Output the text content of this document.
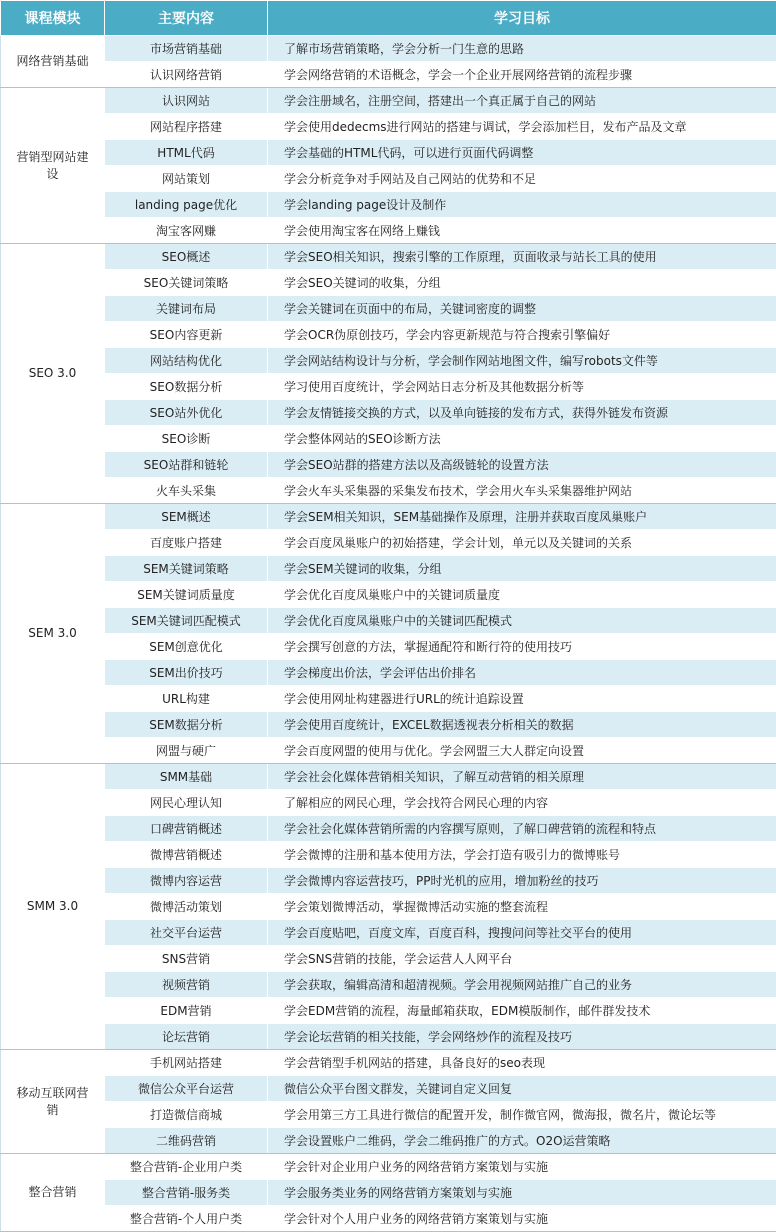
课程模块	主要内容	学习目标
网络营销基础	市场营销基础	了解市场营销策略，学会分析一门生意的思路
	认识网络营销	学会网络营销的术语概念，学会一个企业开展网络营销的流程步骤
营销型网站建设	认识网站	学会注册域名，注册空间，搭建出一个真正属于自己的网站
	网站程序搭建	学会使用dedecms进行网站的搭建与调试，学会添加栏目，发布产品及文章
	HTML代码	学会基础的HTML代码，可以进行页面代码调整
	网站策划	学会分析竞争对手网站及自己网站的优势和不足
	landing page优化	学会landing page设计及制作
	淘宝客网赚	学会使用淘宝客在网络上赚钱
SEO 3.0	SEO概述	学会SEO相关知识，搜索引擎的工作原理，页面收录与站长工具的使用
	SEO关键词策略	学会SEO关键词的收集，分组
	关键词布局	学会关键词在页面中的布局，关键词密度的调整
	SEO内容更新	学会OCR伪原创技巧，学会内容更新规范与符合搜索引擎偏好
	网站结构优化	学会网站结构设计与分析，学会制作网站地图文件，编写robots文件等
	SEO数据分析	学习使用百度统计，学会网站日志分析及其他数据分析等
	SEO站外优化	学会友情链接交换的方式，以及单向链接的发布方式，获得外链发布资源
	SEO诊断	学会整体网站的SEO诊断方法
	SEO站群和链轮	学会SEO站群的搭建方法以及高级链轮的设置方法
	火车头采集	学会火车头采集器的采集发布技术，学会用火车头采集器维护网站
SEM 3.0	SEM概述	学会SEM相关知识，SEM基础操作及原理，注册并获取百度凤巢账户
	百度账户搭建	学会百度凤巢账户的初始搭建，学会计划，单元以及关键词的关系
	SEM关键词策略	学会SEM关键词的收集，分组
	SEM关键词质量度	学会优化百度凤巢账户中的关键词质量度
	SEM关键词匹配模式	学会优化百度凤巢账户中的关键词匹配模式
	SEM创意优化	学会撰写创意的方法，掌握通配符和断行符的使用技巧
	SEM出价技巧	学会梯度出价法，学会评估出价排名
	URL构建	学会使用网址构建器进行URL的统计追踪设置
	SEM数据分析	学会使用百度统计，EXCEL数据透视表分析相关的数据
	网盟与硬广	学会百度网盟的使用与优化。学会网盟三大人群定向设置
SMM 3.0	SMM基础	学会社会化媒体营销相关知识，了解互动营销的相关原理
	网民心理认知	了解相应的网民心理，学会找符合网民心理的内容
	口碑营销概述	学会社会化媒体营销所需的内容撰写原则，了解口碑营销的流程和特点
	微博营销概述	学会微博的注册和基本使用方法，学会打造有吸引力的微博账号
	微博内容运营	学会微博内容运营技巧，PP时光机的应用，增加粉丝的技巧
	微博活动策划	学会策划微博活动，掌握微博活动实施的整套流程
	社交平台运营	学会百度贴吧，百度文库，百度百科，搜搜问问等社交平台的使用
	SNS营销	学会SNS营销的技能，学会运营人人网平台
	视频营销	学会获取，编辑高清和超清视频。学会用视频网站推广自己的业务
	EDM营销	学会EDM营销的流程，海量邮箱获取，EDM模版制作，邮件群发技术
	论坛营销	学会论坛营销的相关技能，学会网络炒作的流程及技巧
移动互联网营销	手机网站搭建	学会营销型手机网站的搭建，具备良好的seo表现
	微信公众平台运营	微信公众平台图文群发，关键词自定义回复
	打造微信商城	学会用第三方工具进行微信的配置开发，制作微官网，微海报，微名片，微论坛等
	二维码营销	学会设置账户二维码，学会二维码推广的方式。O2O运营策略
整合营销	整合营销-企业用户类	学会针对企业用户业务的网络营销方案策划与实施
	整合营销-服务类	学会服务类业务的网络营销方案策划与实施
	整合营销-个人用户类	学会针对个人用户业务的网络营销方案策划与实施
